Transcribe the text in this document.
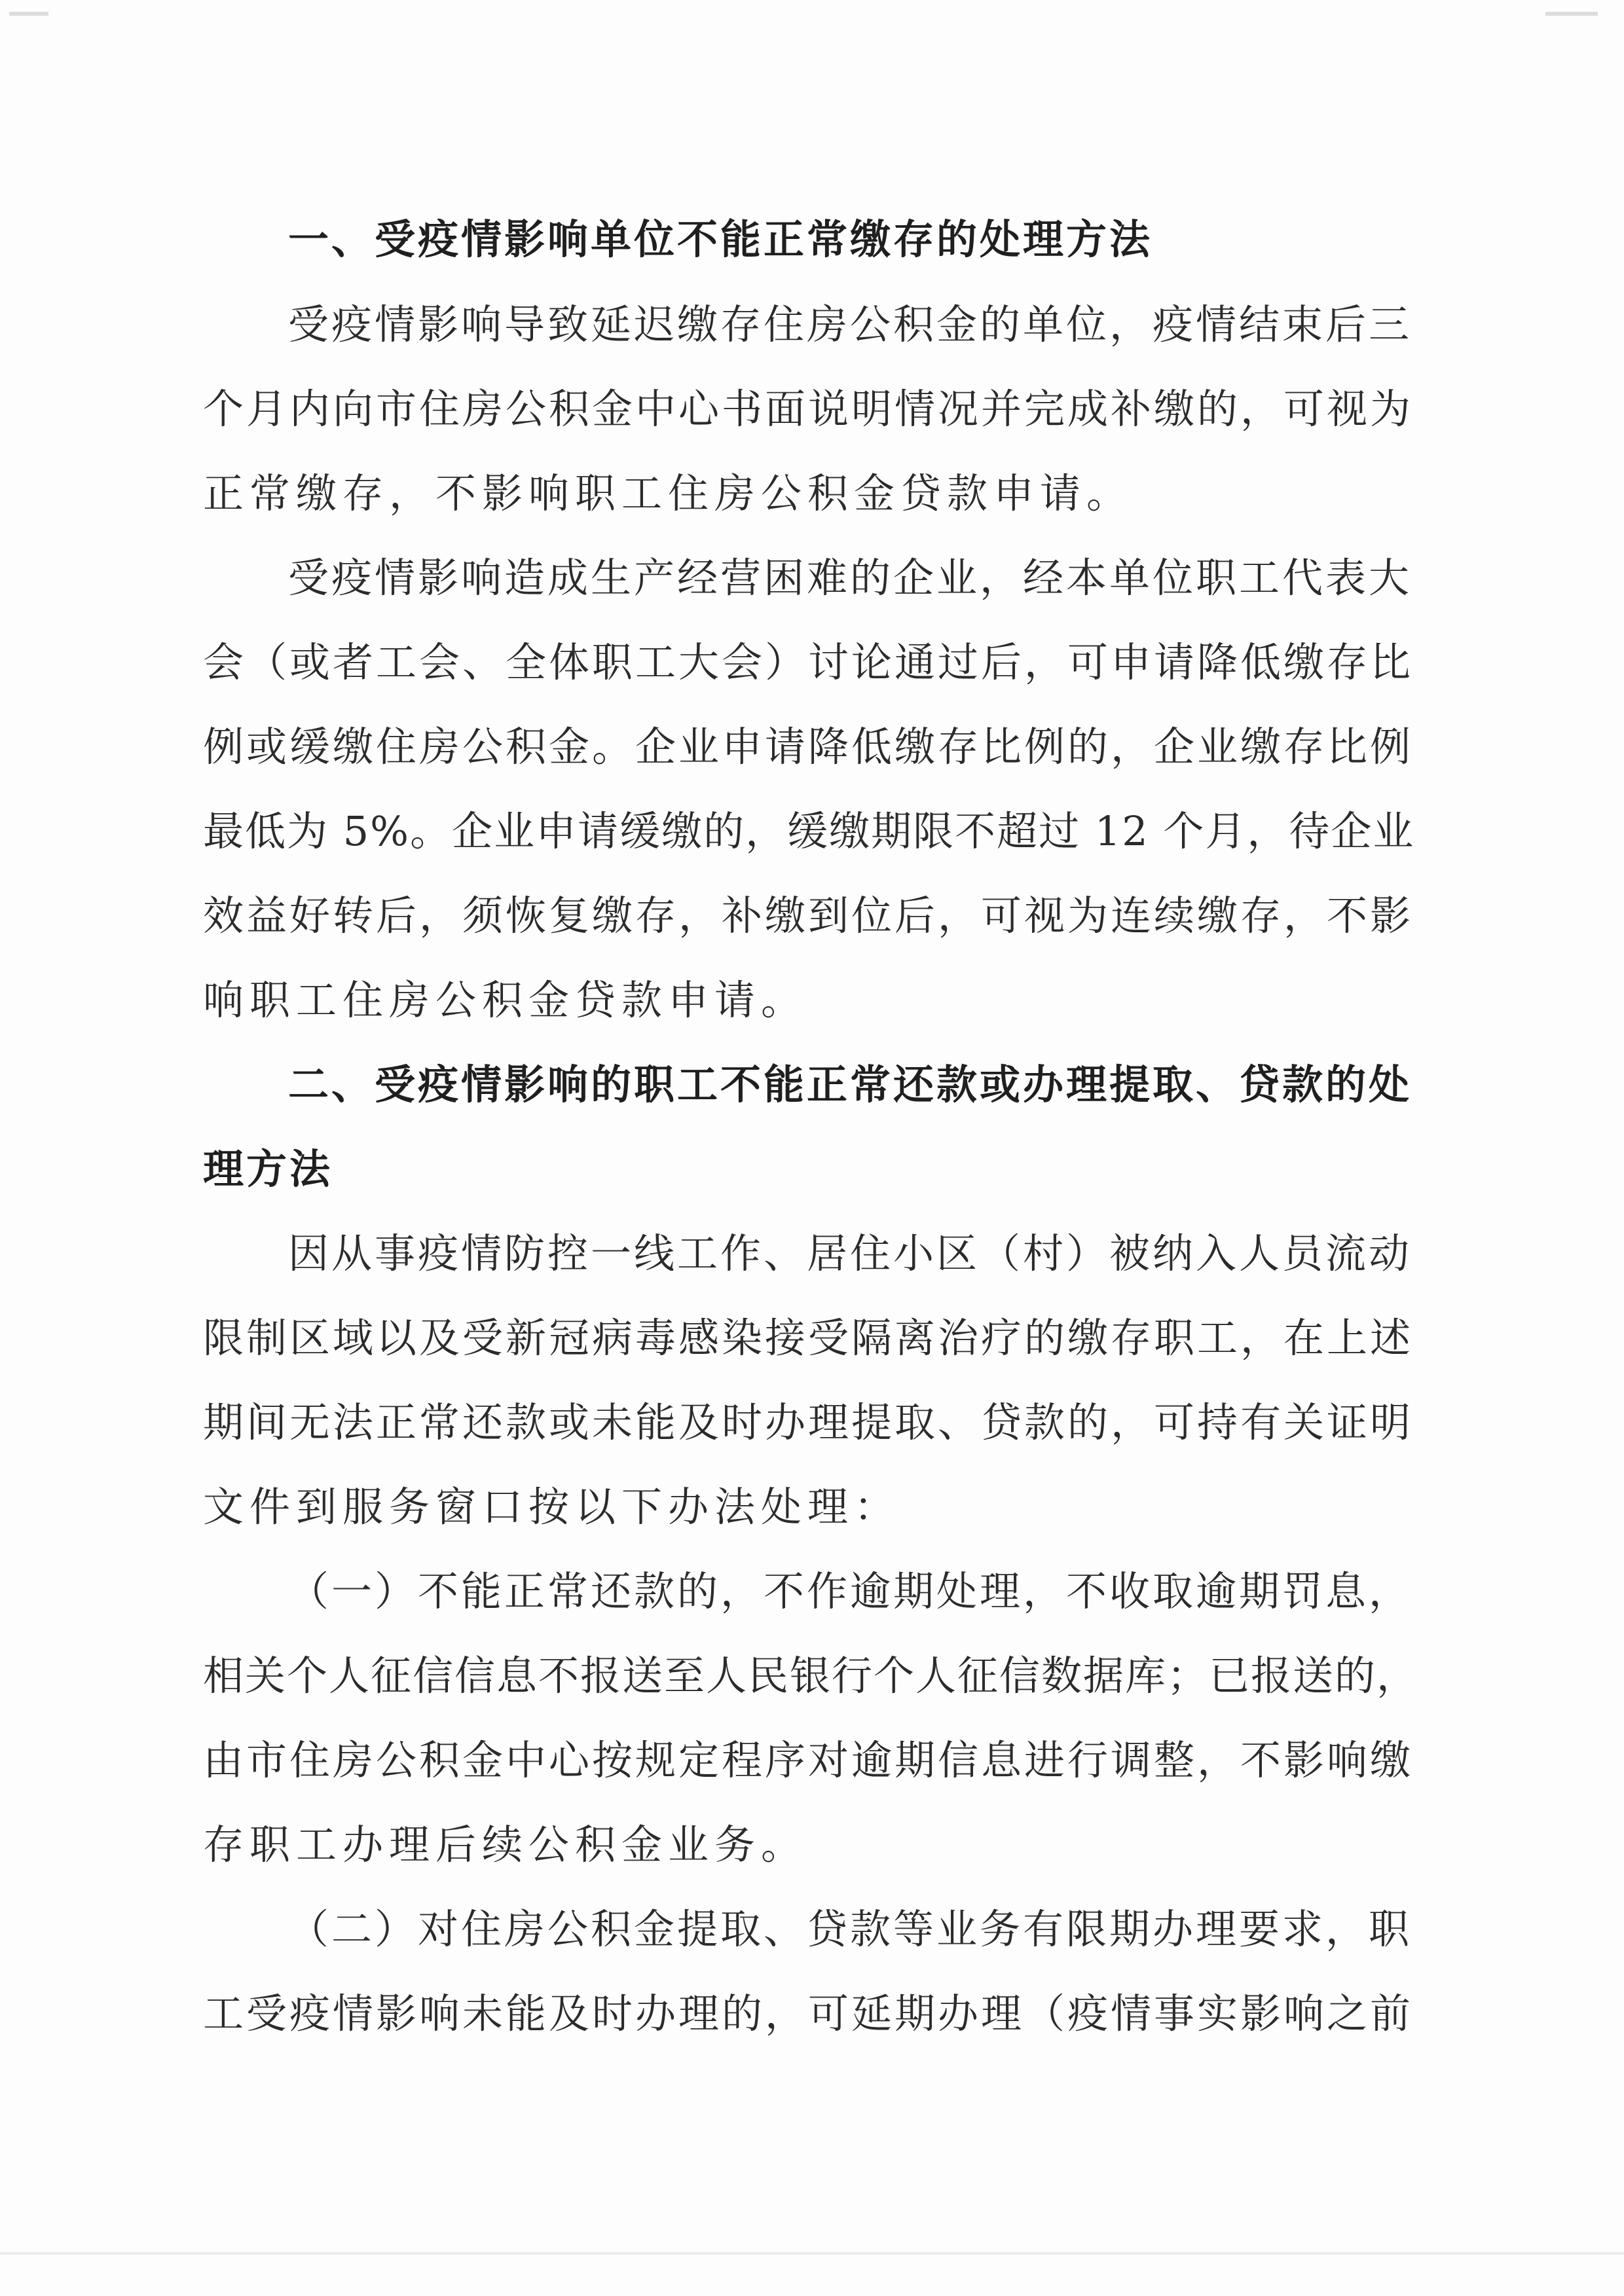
一、受疫情影响单位不能正常缴存的处理方法
受疫情影响导致延迟缴存住房公积金的单位，疫情结束后三
个月内向市住房公积金中心书面说明情况并完成补缴的，可视为
正常缴存，不影响职工住房公积金贷款申请。
受疫情影响造成生产经营困难的企业，经本单位职工代表大
会（或者工会、全体职工大会）讨论通过后，可申请降低缴存比
例或缓缴住房公积金。企业申请降低缴存比例的，企业缴存比例
最低为 5%。企业申请缓缴的，缓缴期限不超过 12 个月，待企业
效益好转后，须恢复缴存，补缴到位后，可视为连续缴存，不影
响职工住房公积金贷款申请。
二、受疫情影响的职工不能正常还款或办理提取、贷款的处
理方法
因从事疫情防控一线工作、居住小区（村）被纳入人员流动
限制区域以及受新冠病毒感染接受隔离治疗的缴存职工，在上述
期间无法正常还款或未能及时办理提取、贷款的，可持有关证明
文件到服务窗口按以下办法处理：
（一）不能正常还款的，不作逾期处理，不收取逾期罚息，
相关个人征信信息不报送至人民银行个人征信数据库；已报送的，
由市住房公积金中心按规定程序对逾期信息进行调整，不影响缴
存职工办理后续公积金业务。
（二）对住房公积金提取、贷款等业务有限期办理要求，职
工受疫情影响未能及时办理的，可延期办理（疫情事实影响之前
